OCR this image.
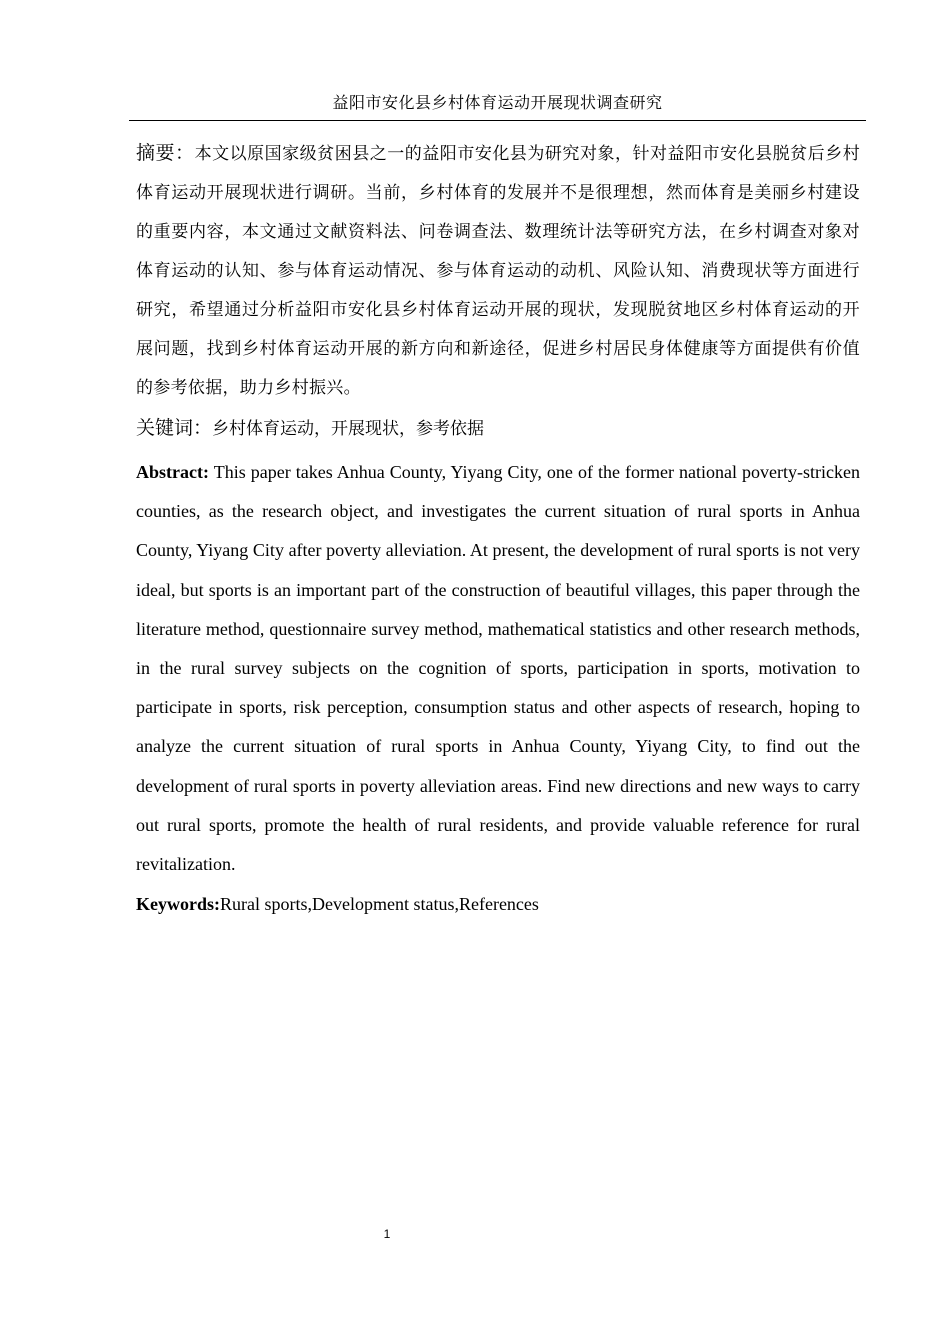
益阳市安化县乡村体育运动开展现状调查研究

摘要：本文以原国家级贫困县之一的益阳市安化县为研究对象，针对益阳市安化县脱贫后乡村体育运动开展现状进行调研。当前，乡村体育的发展并不是很理想，然而体育是美丽乡村建设的重要内容，本文通过文献资料法、问卷调查法、数理统计法等研究方法，在乡村调查对象对体育运动的认知、参与体育运动情况、参与体育运动的动机、风险认知、消费现状等方面进行研究，希望通过分析益阳市安化县乡村体育运动开展的现状，发现脱贫地区乡村体育运动的开展问题，找到乡村体育运动开展的新方向和新途径，促进乡村居民身体健康等方面提供有价值的参考依据，助力乡村振兴。

关键词：乡村体育运动，开展现状，参考依据

Abstract: This paper takes Anhua County, Yiyang City, one of the former national poverty-stricken counties, as the research object, and investigates the current situation of rural sports in Anhua County, Yiyang City after poverty alleviation. At present, the development of rural sports is not very ideal, but sports is an important part of the construction of beautiful villages, this paper through the literature method, questionnaire survey method, mathematical statistics and other research methods, in the rural survey subjects on the cognition of sports, participation in sports, motivation to participate in sports, risk perception, consumption status and other aspects of research, hoping to analyze the current situation of rural sports in Anhua County, Yiyang City, to find out the development of rural sports in poverty alleviation areas. Find new directions and new ways to carry out rural sports, promote the health of rural residents, and provide valuable reference for rural revitalization.

Keywords:Rural sports,Development status,References

1
